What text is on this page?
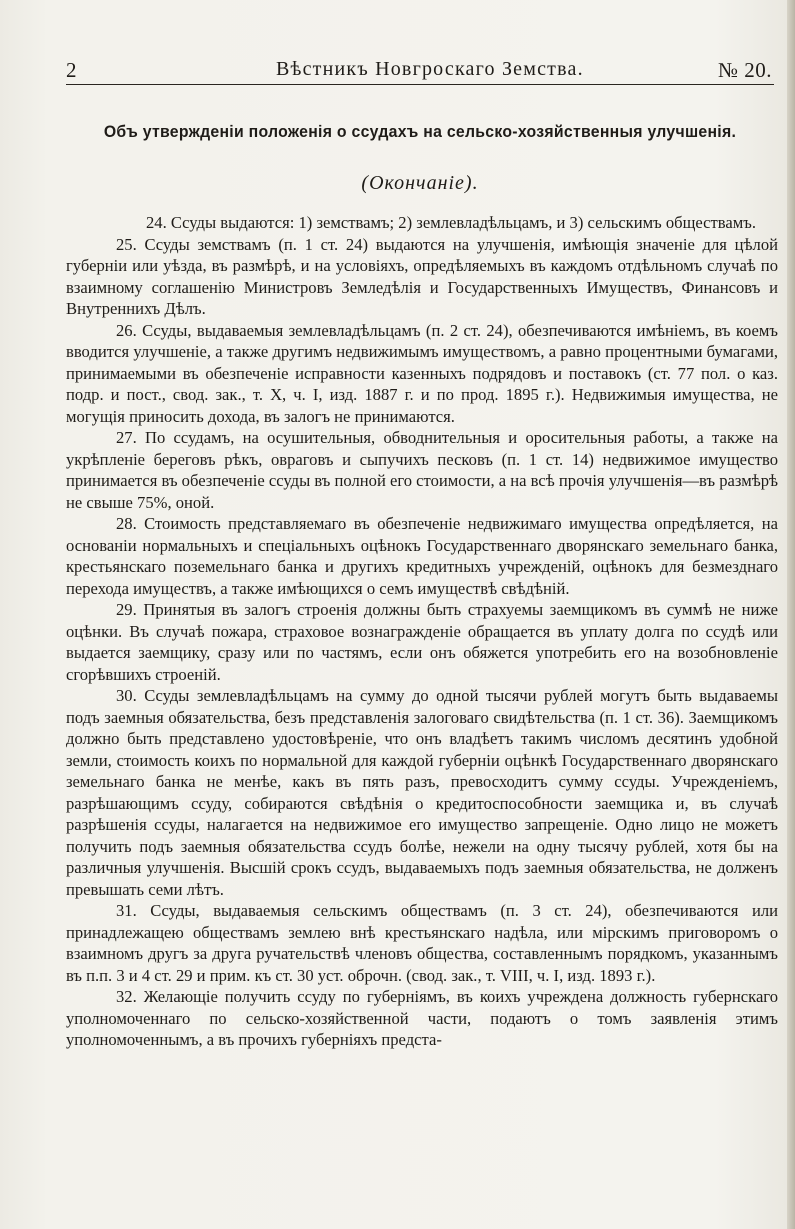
2	Вѣстникъ Новгроскаго Земства.	№ 20.
Объ утвержденіи положенія о ссудахъ на сельско-хозяйственныя улучшенія.
(Окончаніе).

24. Ссуды выдаются: 1) земствамъ; 2) землевладѣльцамъ, и 3) сельскимъ обществамъ.

25. Ссуды земствамъ (п. 1 ст. 24) выдаются на улучшенія, имѣющія значеніе для цѣлой губерніи или уѣзда, въ размѣрѣ, и на условіяхъ, опредѣляемыхъ въ каждомъ отдѣльномъ случаѣ по взаимному соглашенію Министровъ Земледѣлія и Государственныхъ Имуществъ, Финансовъ и Внутреннихъ Дѣлъ.

26. Ссуды, выдаваемыя землевладѣльцамъ (п. 2 ст. 24), обезпечиваются имѣніемъ, въ коемъ вводится улучшеніе, а также другимъ недвижимымъ имуществомъ, а равно процентными бумагами, принимаемыми въ обезпеченіе исправности казенныхъ подрядовъ и поставокъ (ст. 77 пол. о каз. подр. и пост., свод. зак., т. X, ч. I, изд. 1887 г. и по прод. 1895 г.). Недвижимыя имущества, не могущія приносить дохода, въ залогъ не принимаются.

27. По ссудамъ, на осушительныя, обводнительныя и оросительныя работы, а также на укрѣпленіе береговъ рѣкъ, овраговъ и сыпучихъ песковъ (п. 1 ст. 14) недвижимое имущество принимается въ обезпеченіе ссуды въ полной его стоимости, а на всѣ прочія улучшенія—въ размѣрѣ не свыше 75%, оной.

28. Стоимость представляемаго въ обезпеченіе недвижимаго имущества опредѣляется, на основаніи нормальныхъ и спеціальныхъ оцѣнокъ Государственнаго дворянскаго земельнаго банка, крестьянскаго поземельнаго банка и другихъ кредитныхъ учрежденій, оцѣнокъ для безмезднаго перехода имуществъ, а также имѣющихся о семъ имуществѣ свѣдѣній.

29. Принятыя въ залогъ строенія должны быть страхуемы заемщикомъ въ суммѣ не ниже оцѣнки. Въ случаѣ пожара, страховое вознагражденіе обращается въ уплату долга по ссудѣ или выдается заемщику, сразу или по частямъ, если онъ обяжется употребить его на возобновленіе сгорѣвшихъ строеній.

30. Ссуды землевладѣльцамъ на сумму до одной тысячи рублей могутъ быть выдаваемы подъ заемныя обязательства, безъ представленія залоговаго свидѣтельства (п. 1 ст. 36). Заемщикомъ должно быть представлено удостовѣреніе, что онъ владѣетъ такимъ числомъ десятинъ удобной земли, стоимость коихъ по нормальной для каждой губерніи оцѣнкѣ Государственнаго дворянскаго земельнаго банка не менѣе, какъ въ пять разъ, превосходитъ сумму ссуды. Учрежденіемъ, разрѣшающимъ ссуду, собираются свѣдѣнія о кредитоспособности заемщика и, въ случаѣ разрѣшенія ссуды, налагается на недвижимое его имущество запрещеніе. Одно лицо не можетъ получить подъ заемныя обязательства ссудъ болѣе, нежели на одну тысячу рублей, хотя бы на различныя улучшенія. Высшій срокъ ссудъ, выдаваемыхъ подъ заемныя обязательства, не долженъ превышать семи лѣтъ.

31. Ссуды, выдаваемыя сельскимъ обществамъ (п. 3 ст. 24), обезпечиваются или принадлежащею обществамъ землею внѣ крестьянскаго надѣла, или мірскимъ приговоромъ о взаимномъ другъ за друга ручательствѣ членовъ общества, составленнымъ порядкомъ, указаннымъ въ п.п. 3 и 4 ст. 29 и прим. къ ст. 30 уст. оброчн. (свод. зак., т. VIII, ч. I, изд. 1893 г.).

32. Желающіе получить ссуду по губерніямъ, въ коихъ учреждена должность губернскаго уполномоченнаго по сельско-хозяйственной части, подаютъ о томъ заявленія этимъ уполномоченнымъ, а въ прочихъ губерніяхъ предста-
